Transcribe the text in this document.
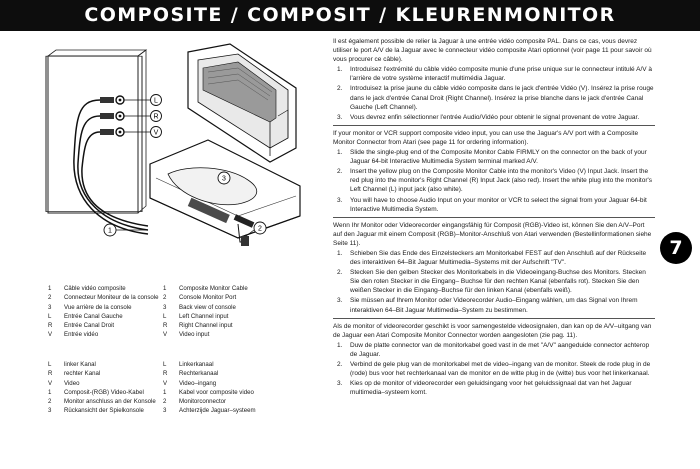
COMPOSITE / COMPOSIT / KLEURENMONITOR
L
R
V
1	2
3
1 Câble vidéo composite
2 Connecteur Moniteur de la console
3 Vue arrière de la console
L Entrée Canal Gauche
R Entrée Canal Droit
V Entrée vidéo
1 Composite Monitor Cable
2 Console Monitor Port
3 Back view of console
L Left Channel input
R Right Channel input
V Video input
L linker Kanal
R rechter Kanal
V Video
1 Composit-(RGB) Video-Kabel
2 Monitor anschluss an der Konsole
3 Rückansicht der Spielkonsole
L Linkerkanaal
R Rechterkanaal
V Video–ingang
1 Kabel voor composite video
2 Monitorconnector
3 Achterzijde Jaguar–systeem

Il est également possible de relier la Jaguar à une entrée vidéo composite PAL. Dans ce cas, vous devrez utiliser le port A/V de la Jaguar avec le connecteur vidéo composite Atari optionnel (voir page 11 pour savoir où vous procurer ce câble).

1.	Introduisez l'extrémité du câble vidéo composite munie d'une prise unique sur le connecteur intitulé A/V à l'arrière de votre système interactif multimédia Jaguar.
2.	Introduisez la prise jaune du câble vidéo composite dans le jack d'entrée Vidéo (V). Insérez la prise rouge dans le jack d'entrée Canal Droit (Right Channel). Insérez la prise blanche dans le jack d'entrée Canal Gauche (Left Channel).
3.	Vous devrez enfin sélectionner l'entrée Audio/Vidéo pour obtenir le signal provenant de votre Jaguar.

If your monitor or VCR support composite video input, you can use the Jaguar's A/V port with a Composite Monitor Connector from Atari (see page 11 for ordering information).

1.	Slide the single-plug end of the Composite Monitor Cable FIRMLY on the connector on the back of your Jaguar 64-bit Interactive Multimedia System terminal marked A/V.
2.	Insert the yellow plug on the Composite Monitor Cable into the monitor's Video (V) Input Jack. Insert the red plug into the monitor's Right Channel (R) Input Jack (also red). Insert the white plug into the monitor's Left Channel (L) input jack (also white).
3.	You will have to choose Audio Input on your monitor or VCR to select the signal from your Jaguar 64-bit Interactive Multimedia System.

Wenn Ihr Monitor oder Videorecorder eingangsfähig für Composit (RGB)-Video ist, können Sie den A/V–Port auf den Jaguar mit einem Composit (RGB)–Monitor-Anschluß von Atari verwenden (Bestellinformationen siehe Seite 11).

1.	Schieben Sie das Ende des Einzelsteckers am Monitorkabel FEST auf den Anschluß auf der Rückseite des interaktiven 64–Bit Jaguar Multimedia–Systems mit der Aufschrift "TV".
2.	Stecken Sie den gelben Stecker des Monitorkabels in die Videoeingang-Buchse des Monitors. Stecken Sie den roten Stecker in die Eingang– Buchse für den rechten Kanal (ebenfalls rot). Stecken Sie den weißen Stecker in die Eingang–Buchse für den linken Kanal (ebenfalls weiß).
3.	Sie müssen auf Ihrem Monitor oder Videorecorder Audio–Eingang wählen, um das Signal von Ihrem interaktiven 64–Bit Jaguar Multimedia–System zu bestimmen.

Als de monitor of videorecorder geschikt is voor samengestelde videosignalen, dan kan op de A/V–uitgang van de Jaguar een Atari Composite Monitor Connector worden aangesloten (zie pag. 11).

1.	Duw de platte connector van de monitorkabel goed vast in de met "A/V" aangeduide connector achterop de Jaguar.
2.	Verbind de gele plug van de monitorkabel met de video–ingang van de monitor. Steek de rode plug in de (rode) bus voor het rechterkanaal van de monitor en de witte plug in de (witte) bus voor het linkerkanaal.
3.	Kies op de monitor of videorecorder een geluidsingang voor het geluidssignaal dat van het Jaguar multimedia–systeem komt.
7
